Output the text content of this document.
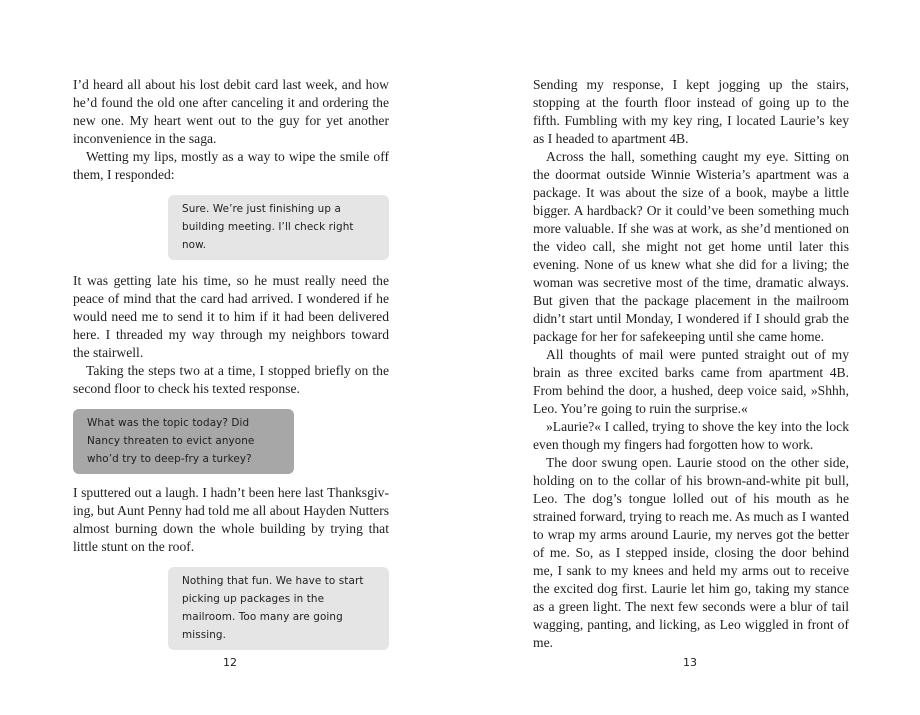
I’d heard all about his lost debit card last week, and how he’d found the old one after canceling it and ordering the new one. My heart went out to the guy for yet another inconvenience in the saga.

Wetting my lips, mostly as a way to wipe the smile off them, I responded:

Sure. We’re just finishing up a building meeting. I’ll check right now.

It was getting late his time, so he must really need the peace of mind that the card had arrived. I wondered if he would need me to send it to him if it had been delivered here. I threaded my way through my neighbors toward the stairwell.

Taking the steps two at a time, I stopped briefly on the second floor to check his texted response.

What was the topic today? Did Nancy threaten to evict anyone who’d try to deep-fry a turkey?

I sputtered out a laugh. I hadn’t been here last Thanksgiving, but Aunt Penny had told me all about Hayden Nutters almost burning down the whole building by trying that little stunt on the roof.

Nothing that fun. We have to start picking up packages in the mailroom. Too many are going missing.
12

Sending my response, I kept jogging up the stairs, stopping at the fourth floor instead of going up to the fifth. Fumbling with my key ring, I located Laurie’s key as I headed to apartment 4B.

Across the hall, something caught my eye. Sitting on the doormat outside Winnie Wisteria’s apartment was a package. It was about the size of a book, maybe a little bigger. A hardback? Or it could’ve been something much more valuable. If she was at work, as she’d mentioned on the video call, she might not get home until later this evening. None of us knew what she did for a living; the woman was secretive most of the time, dramatic always. But given that the package placement in the mailroom didn’t start until Monday, I wondered if I should grab the package for her for safekeeping until she came home.

All thoughts of mail were punted straight out of my brain as three excited barks came from apartment 4B. From behind the door, a hushed, deep voice said, »Shhh, Leo. You’re going to ruin the surprise.«

»Laurie?« I called, trying to shove the key into the lock even though my fingers had forgotten how to work.

The door swung open. Laurie stood on the other side, holding on to the collar of his brown-and-white pit bull, Leo. The dog’s tongue lolled out of his mouth as he strained forward, trying to reach me. As much as I wanted to wrap my arms around Laurie, my nerves got the better of me. So, as I stepped inside, closing the door behind me, I sank to my knees and held my arms out to receive the excited dog first. Laurie let him go, taking my stance as a green light. The next few seconds were a blur of tail wagging, panting, and licking, as Leo wiggled in front of me.

13
